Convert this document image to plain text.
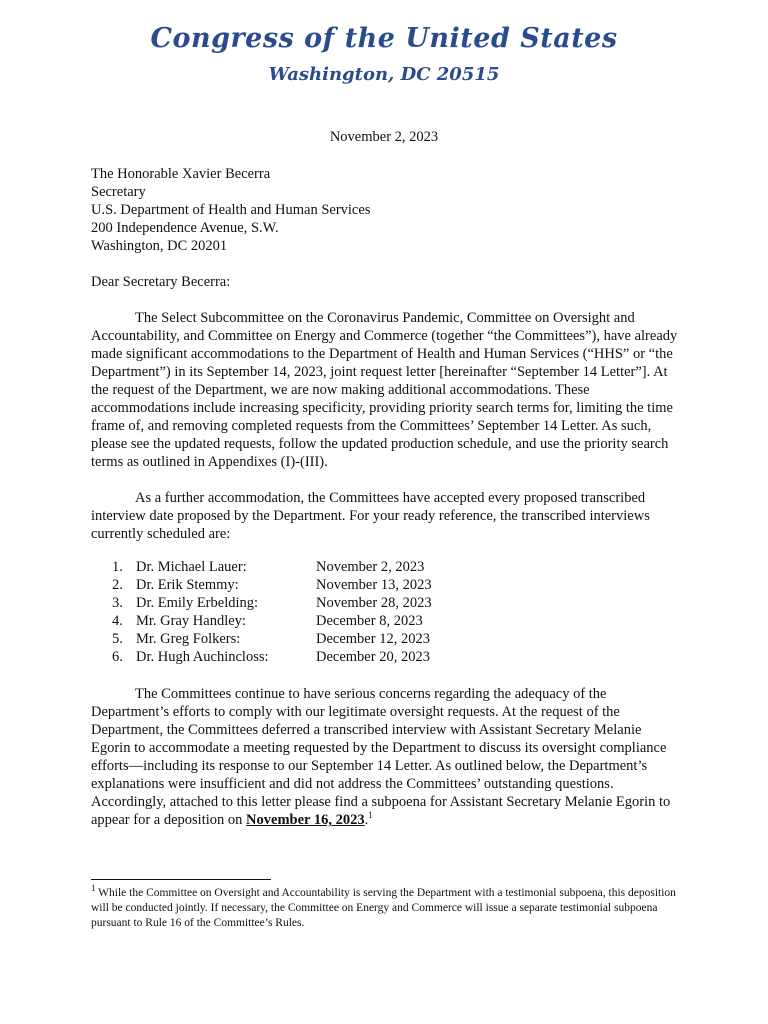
Congress of the United States
Washington, DC 20515
November 2, 2023
The Honorable Xavier Becerra
Secretary
U.S. Department of Health and Human Services
200 Independence Avenue, S.W.
Washington, DC 20201
Dear Secretary Becerra:
The Select Subcommittee on the Coronavirus Pandemic, Committee on Oversight and Accountability, and Committee on Energy and Commerce (together “the Committees”), have already made significant accommodations to the Department of Health and Human Services (“HHS” or “the Department”) in its September 14, 2023, joint request letter [hereinafter “September 14 Letter”]. At the request of the Department, we are now making additional accommodations. These accommodations include increasing specificity, providing priority search terms for, limiting the time frame of, and removing completed requests from the Committees’ September 14 Letter. As such, please see the updated requests, follow the updated production schedule, and use the priority search terms as outlined in Appendixes (I)-(III).
As a further accommodation, the Committees have accepted every proposed transcribed interview date proposed by the Department. For your ready reference, the transcribed interviews currently scheduled are:
1. Dr. Michael Lauer:	November 2, 2023
2. Dr. Erik Stemmy:	November 13, 2023
3. Dr. Emily Erbelding:	November 28, 2023
4. Mr. Gray Handley:	December 8, 2023
5. Mr. Greg Folkers:	December 12, 2023
6. Dr. Hugh Auchincloss:	December 20, 2023
The Committees continue to have serious concerns regarding the adequacy of the Department’s efforts to comply with our legitimate oversight requests. At the request of the Department, the Committees deferred a transcribed interview with Assistant Secretary Melanie Egorin to accommodate a meeting requested by the Department to discuss its oversight compliance efforts—including its response to our September 14 Letter. As outlined below, the Department’s explanations were insufficient and did not address the Committees’ outstanding questions. Accordingly, attached to this letter please find a subpoena for Assistant Secretary Melanie Egorin to appear for a deposition on November 16, 2023.$^1$
$^1$ While the Committee on Oversight and Accountability is serving the Department with a testimonial subpoena, this deposition will be conducted jointly. If necessary, the Committee on Energy and Commerce will issue a separate testimonial subpoena pursuant to Rule 16 of the Committee’s Rules.
